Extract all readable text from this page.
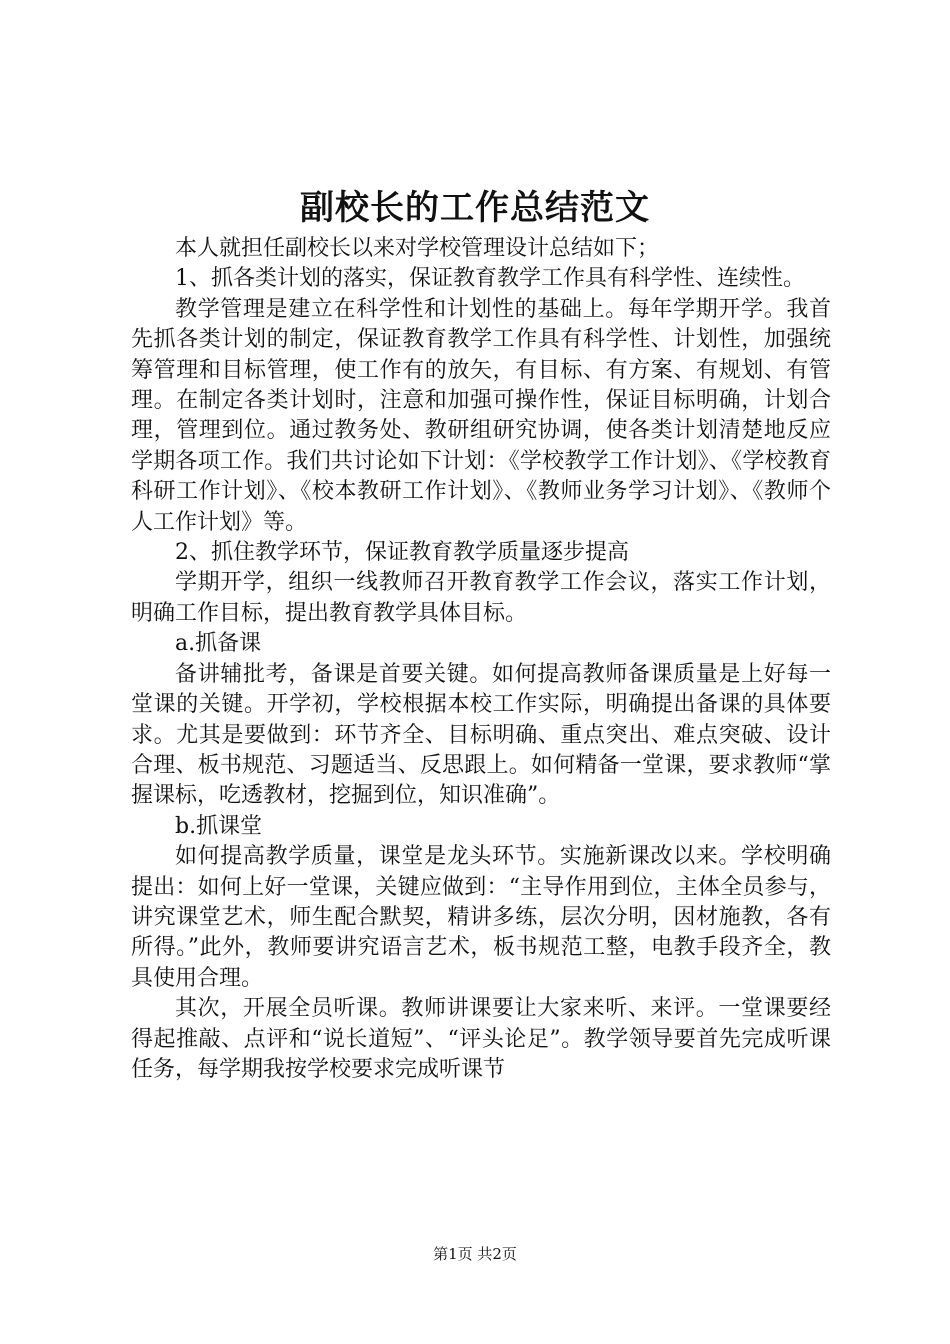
副校长的工作总结范文

本人就担任副校长以来对学校管理设计总结如下；

1、抓各类计划的落实，保证教育教学工作具有科学性、连续性。

教学管理是建立在科学性和计划性的基础上。每年学期开学。我首先抓各类计划的制定，保证教育教学工作具有科学性、计划性，加强统筹管理和目标管理，使工作有的放矢，有目标、有方案、有规划、有管理。在制定各类计划时，注意和加强可操作性，保证目标明确，计划合理，管理到位。通过教务处、教研组研究协调，使各类计划清楚地反应学期各项工作。我们共讨论如下计划：《学校教学工作计划》、《学校教育科研工作计划》、《校本教研工作计划》、《教师业务学习计划》、《教师个人工作计划》等。

2、抓住教学环节，保证教育教学质量逐步提高

学期开学，组织一线教师召开教育教学工作会议，落实工作计划，明确工作目标，提出教育教学具体目标。

a.抓备课

备讲辅批考，备课是首要关键。如何提高教师备课质量是上好每一堂课的关键。开学初，学校根据本校工作实际，明确提出备课的具体要求。尤其是要做到：环节齐全、目标明确、重点突出、难点突破、设计合理、板书规范、习题适当、反思跟上。如何精备一堂课，要求教师“掌握课标，吃透教材，挖掘到位，知识准确”。

b.抓课堂

如何提高教学质量，课堂是龙头环节。实施新课改以来。学校明确提出：如何上好一堂课，关键应做到：“主导作用到位，主体全员参与，讲究课堂艺术，师生配合默契，精讲多练，层次分明，因材施教，各有所得。”此外，教师要讲究语言艺术，板书规范工整，电教手段齐全，教具使用合理。

其次，开展全员听课。教师讲课要让大家来听、来评。一堂课要经得起推敲、点评和“说长道短”、“评头论足”。教学领导要首先完成听课任务，每学期我按学校要求完成听课节

第1页 共2页
